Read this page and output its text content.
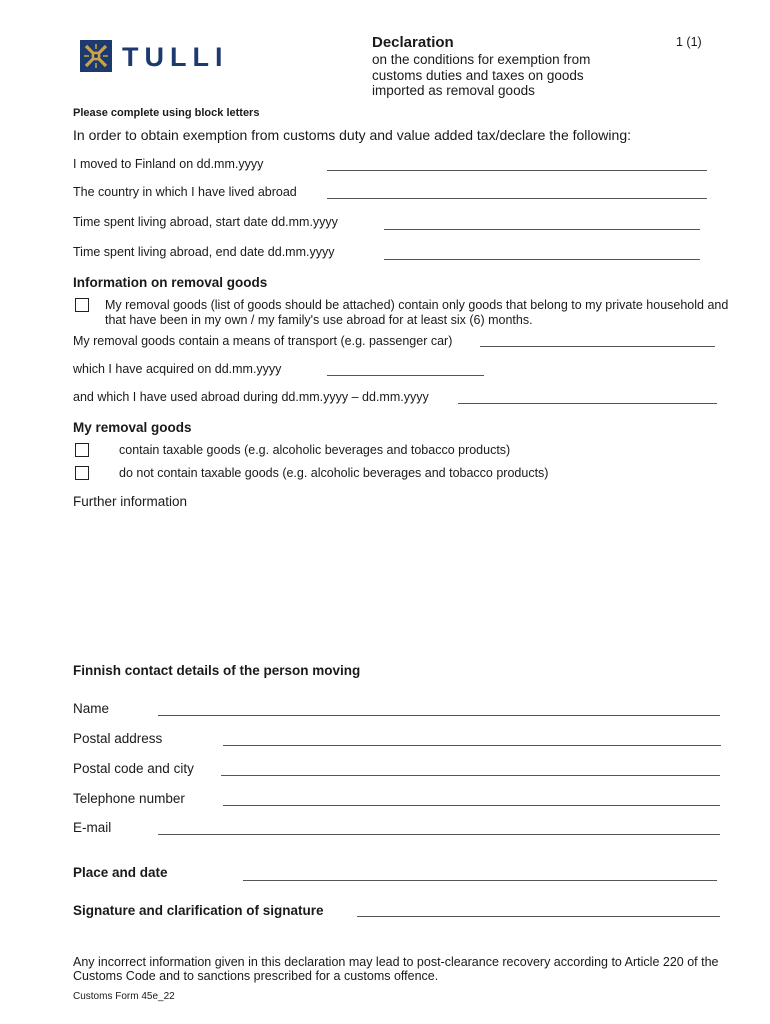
TULLI	Declaration
on the conditions for exemption from customs duties and taxes on goods imported as removal goods
1 (1)
Please complete using block letters
In order to obtain exemption from customs duty and value added tax/declare the following:
I moved to Finland on dd.mm.yyyy
The country in which I have lived abroad
Time spent living abroad, start date dd.mm.yyyy
Time spent living abroad, end date dd.mm.yyyy
Information on removal goods
My removal goods (list of goods should be attached) contain only goods that belong to my private household and that have been in my own / my family's use abroad for at least six (6) months.
My removal goods contain a means of transport (e.g. passenger car)
which I have acquired on dd.mm.yyyy
and which I have used abroad during dd.mm.yyyy – dd.mm.yyyy
My removal goods
contain taxable goods (e.g. alcoholic beverages and tobacco products)
do not contain taxable goods (e.g. alcoholic beverages and tobacco products)
Further information
Finnish contact details of the person moving
Name
Postal address
Postal code and city
Telephone number
E-mail
Place and date
Signature and clarification of signature
Any incorrect information given in this declaration may lead to post-clearance recovery according to Article 220 of the Customs Code and to sanctions prescribed for a customs offence.
Customs Form 45e_22
